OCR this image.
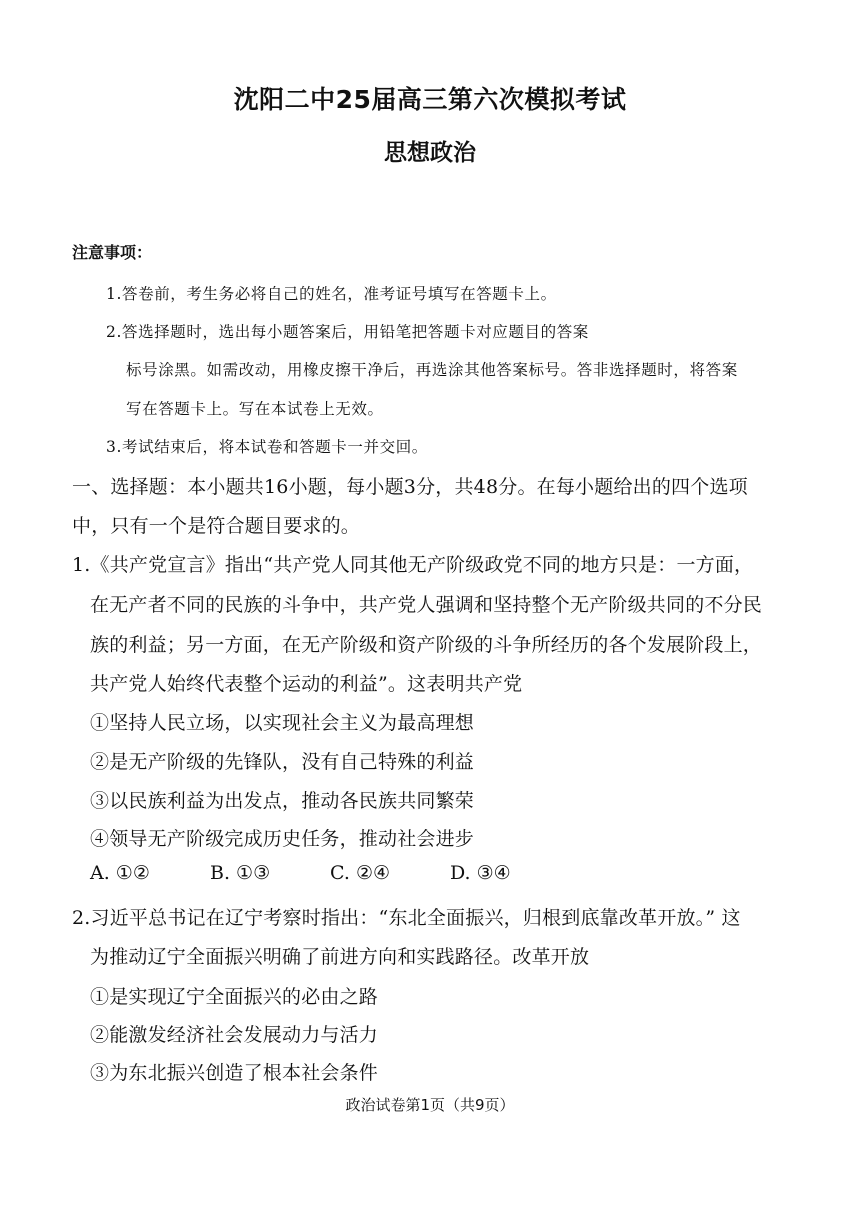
沈阳二中25届高三第六次模拟考试
思想政治
注意事项：
1.答卷前，考生务必将自己的姓名，准考证号填写在答题卡上。
2.答选择题时，选出每小题答案后，用铅笔把答题卡对应题目的答案
标号涂黑。如需改动，用橡皮擦干净后，再选涂其他答案标号。答非选择题时，将答案
写在答题卡上。写在本试卷上无效。
3.考试结束后，将本试卷和答题卡一并交回。
一、选择题：本小题共16小题，每小题3分，共48分。在每小题给出的四个选项
中，只有一个是符合题目要求的。
1.《共产党宣言》指出“共产党人同其他无产阶级政党不同的地方只是：一方面，
在无产者不同的民族的斗争中，共产党人强调和坚持整个无产阶级共同的不分民
族的利益；另一方面，在无产阶级和资产阶级的斗争所经历的各个发展阶段上，
共产党人始终代表整个运动的利益”。这表明共产党
①坚持人民立场，以实现社会主义为最高理想
②是无产阶级的先锋队，没有自己特殊的利益
③以民族利益为出发点，推动各民族共同繁荣
④领导无产阶级完成历史任务，推动社会进步
A. ①②	B. ①③	C. ②④	D. ③④
2.习近平总书记在辽宁考察时指出：“东北全面振兴，归根到底靠改革开放。” 这
为推动辽宁全面振兴明确了前进方向和实践路径。改革开放
①是实现辽宁全面振兴的必由之路
②能激发经济社会发展动力与活力
③为东北振兴创造了根本社会条件
政治试卷第1页（共9页）
